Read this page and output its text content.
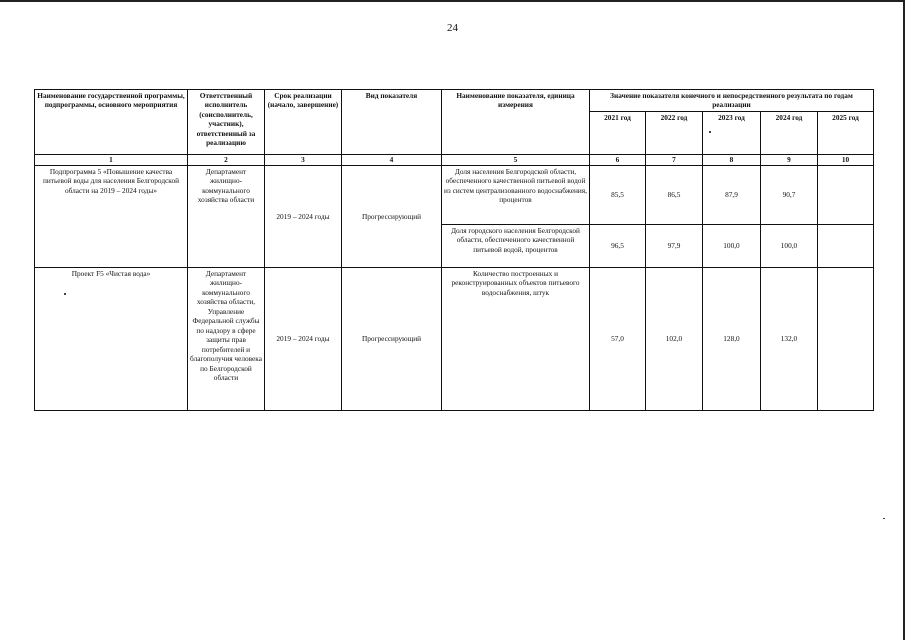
24
Наименование государственной программы, подпрограммы, основного мероприятия	Ответственный исполнитель (соисполнитель, участник), ответственный за реализацию	Срок реализации (начало, завершение)	Вид показателя	Наименование показателя, единица измерения	Значение показателя конечного и непосредственного результата по годам реализации				
					2021 год	2022 год	2023 год	2024 год	2025 год
1	2	3	4	5	6	7	8	9	10
Подпрограмма 5 «Повышение качества питьевой воды для населения Белгородской области на 2019 – 2024 годы»	Департамент жилищно-коммунального хозяйства области	2019 – 2024 годы	Прогрессирующий	Доля населения Белгородской области, обеспеченного качественной питьевой водой из систем централизованного водоснабжения, процентов	85,5	86,5	87,9	90,7	
				Доля городского населения Белгородской области, обеспеченного качественной питьевой водой, процентов	96,5	97,9	100,0	100,0	
Проект F5 «Чистая вода»	Департамент жилищно-коммунального хозяйства области, Управление Федеральной службы по надзору в сфере защиты прав потребителей и благополучия человека по Белгородской области	2019 – 2024 годы	Прогрессирующий	Количество построенных и реконструированных объектов питьевого водоснабжения, штук	57,0	102,0	128,0	132,0	
